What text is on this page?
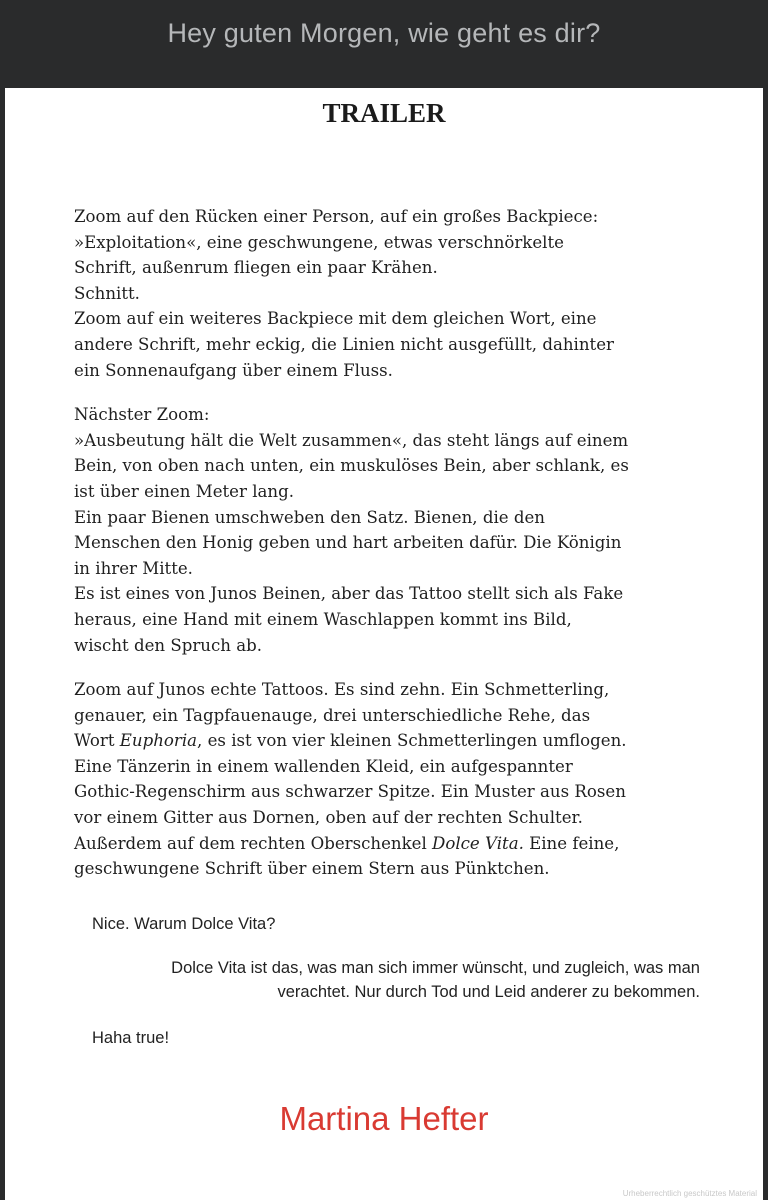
Hey guten Morgen, wie geht es dir?
TRAILER
Zoom auf den Rücken einer Person, auf ein großes Backpiece:
»Exploitation«, eine geschwungene, etwas verschnörkelte
Schrift, außenrum fliegen ein paar Krähen.
Schnitt.
Zoom auf ein weiteres Backpiece mit dem gleichen Wort, eine
andere Schrift, mehr eckig, die Linien nicht ausgefüllt, dahinter
ein Sonnenaufgang über einem Fluss.
Nächster Zoom:
»Ausbeutung hält die Welt zusammen«, das steht längs auf einem
Bein, von oben nach unten, ein muskulöses Bein, aber schlank, es
ist über einen Meter lang.
Ein paar Bienen umschweben den Satz. Bienen, die den
Menschen den Honig geben und hart arbeiten dafür. Die Königin
in ihrer Mitte.
Es ist eines von Junos Beinen, aber das Tattoo stellt sich als Fake
heraus, eine Hand mit einem Waschlappen kommt ins Bild,
wischt den Spruch ab.
Zoom auf Junos echte Tattoos. Es sind zehn. Ein Schmetterling,
genauer, ein Tagpfauenauge, drei unterschiedliche Rehe, das
Wort Euphoria, es ist von vier kleinen Schmetterlingen umflogen.
Eine Tänzerin in einem wallenden Kleid, ein aufgespannter
Gothic-Regenschirm aus schwarzer Spitze. Ein Muster aus Rosen
vor einem Gitter aus Dornen, oben auf der rechten Schulter.
Außerdem auf dem rechten Oberschenkel Dolce Vita. Eine feine,
geschwungene Schrift über einem Stern aus Pünktchen.
Nice. Warum Dolce Vita?
Dolce Vita ist das, was man sich immer wünscht, und zugleich, was man
verachtet. Nur durch Tod und Leid anderer zu bekommen.
Haha true!
Martina Hefter
Urheberrechtlich geschütztes Material
